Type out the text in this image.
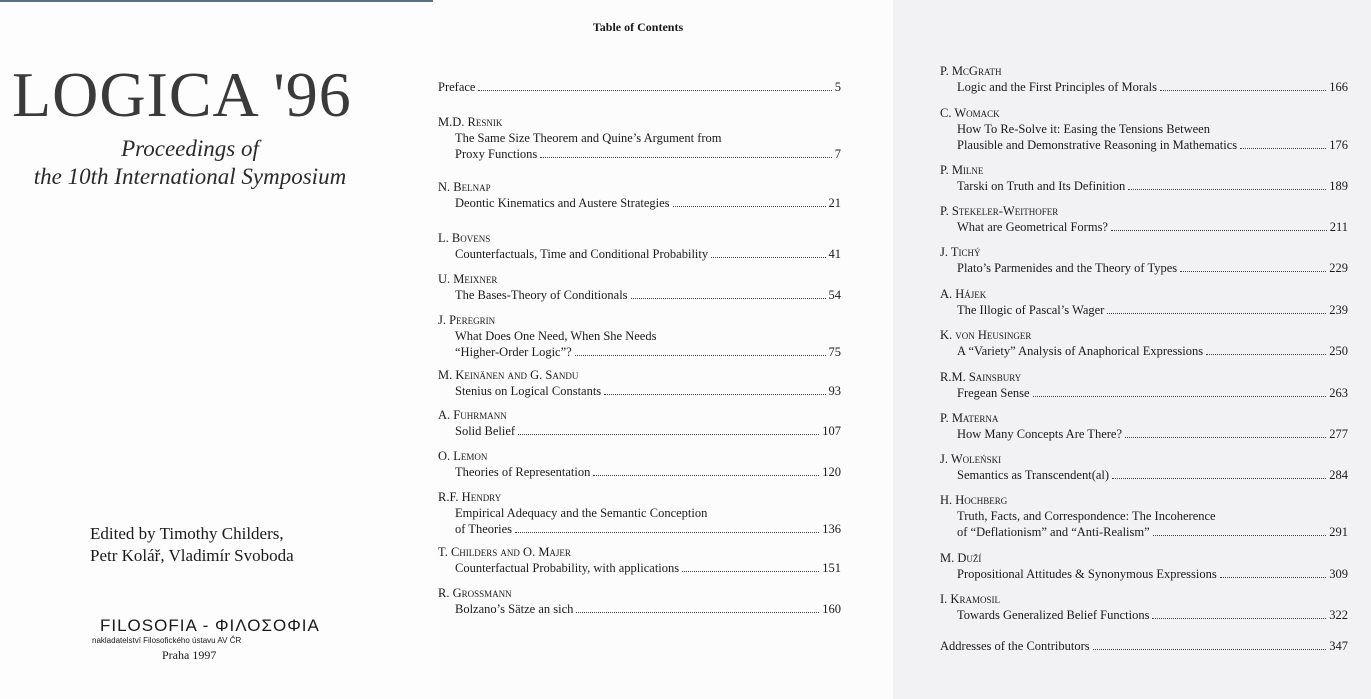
LOGICA '96
Proceedings of
the 10th International Symposium
Edited by Timothy Childers,
Petr Kolář, Vladimír Svoboda
FILOSOFIA - ΦΙΛΟΣΟΦΙΑ
nakladatelství Filosofického ústavu AV ČR
Praha 1997
Table of Contents
Preface	5
M.D. Resnik
The Same Size Theorem and Quine’s Argument from
Proxy Functions	7
N. Belnap
Deontic Kinematics and Austere Strategies	21
L. Bovens
Counterfactuals, Time and Conditional Probability	41
U. Meixner
The Bases-Theory of Conditionals	54
J. Peregrin
What Does One Need, When She Needs
“Higher-Order Logic”?	75
M. Keinänen and G. Sandu
Stenius on Logical Constants	93
A. Fuhrmann
Solid Belief	107
O. Lemon
Theories of Representation	120
R.F. Hendry
Empirical Adequacy and the Semantic Conception
of Theories	136
T. Childers and O. Majer
Counterfactual Probability, with applications	151
R. Grossmann
Bolzano’s Sätze an sich	160
P. McGrath
Logic and the First Principles of Morals	166
C. Womack
How To Re-Solve it: Easing the Tensions Between
Plausible and Demonstrative Reasoning in Mathematics	176
P. Milne
Tarski on Truth and Its Definition	189
P. Stekeler-Weithofer
What are Geometrical Forms?	211
J. Tichý
Plato’s Parmenides and the Theory of Types	229
A. Hájek
The Illogic of Pascal’s Wager	239
K. von Heusinger
A “Variety” Analysis of Anaphorical Expressions	250
R.M. Sainsbury
Fregean Sense	263
P. Materna
How Many Concepts Are There?	277
J. Woleński
Semantics as Transcendent(al)	284
H. Hochberg
Truth, Facts, and Correspondence: The Incoherence
of “Deflationism” and “Anti-Realism”	291
M. Duží
Propositional Attitudes & Synonymous Expressions	309
I. Kramosil
Towards Generalized Belief Functions	322
Addresses of the Contributors	347
